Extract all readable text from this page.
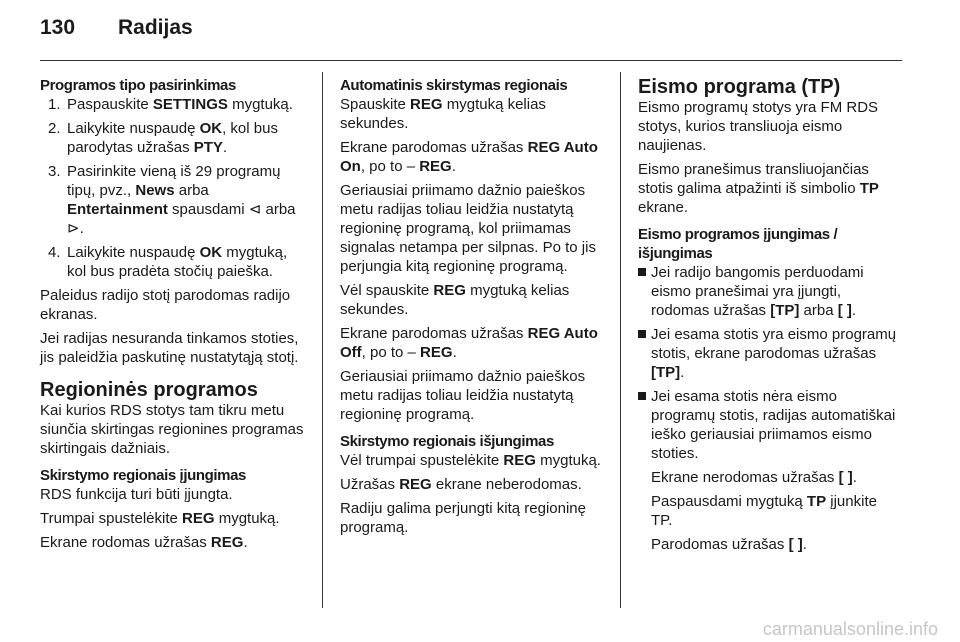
130 Radijas
Programos tipo pasirinkimas
1. Paspauskite SETTINGS mygtuką.
2. Laikykite nuspaudę OK, kol bus parodytas užrašas PTY.
3. Pasirinkite vieną iš 29 programų tipų, pvz., News arba Entertainment spausdami ⊲ arba ⊳.
4. Laikykite nuspaudę OK mygtuką, kol bus pradėta stočių paieška.

Paleidus radijo stotį parodomas radijo ekranas.

Jei radijas nesuranda tinkamos stoties, jis paleidžia paskutinę nustatytąją stotį.

Regioninės programos

Kai kurios RDS stotys tam tikru metu siunčia skirtingas regionines programas skirtingais dažniais.

Skirstymo regionais įjungimas

RDS funkcija turi būti įjungta.

Trumpai spustelėkite REG mygtuką.

Ekrane rodomas užrašas REG.

Automatinis skirstymas regionais

Spauskite REG mygtuką kelias sekundes.

Ekrane parodomas užrašas REG Auto On, po to – REG.

Geriausiai priimamo dažnio paieškos metu radijas toliau leidžia nustatytą regioninę programą, kol priimamas signalas netampa per silpnas. Po to jis perjungia kitą regioninę programą.

Vėl spauskite REG mygtuką kelias sekundes.

Ekrane parodomas užrašas REG Auto Off, po to – REG.

Geriausiai priimamo dažnio paieškos metu radijas toliau leidžia nustatytą regioninę programą.

Skirstymo regionais išjungimas

Vėl trumpai spustelėkite REG mygtuką.

Užrašas REG ekrane neberodomas.

Radiju galima perjungti kitą regioninę programą.

Eismo programa (TP)

Eismo programų stotys yra FM RDS stotys, kurios transliuoja eismo naujienas.

Eismo pranešimus transliuojančias stotis galima atpažinti iš simbolio TP ekrane.

Eismo programos įjungimas / išjungimas
Jei radijo bangomis perduodami eismo pranešimai yra įjungti, rodomas užrašas [TP] arba [ ].
Jei esama stotis yra eismo programų stotis, ekrane parodomas užrašas [TP].
Jei esama stotis nėra eismo programų stotis, radijas automatiškai ieško geriausiai priimamos eismo stoties.
Ekrane nerodomas užrašas [ ].
Paspausdami mygtuką TP įjunkite TP.
Parodomas užrašas [ ].
carmanualsonline.info
